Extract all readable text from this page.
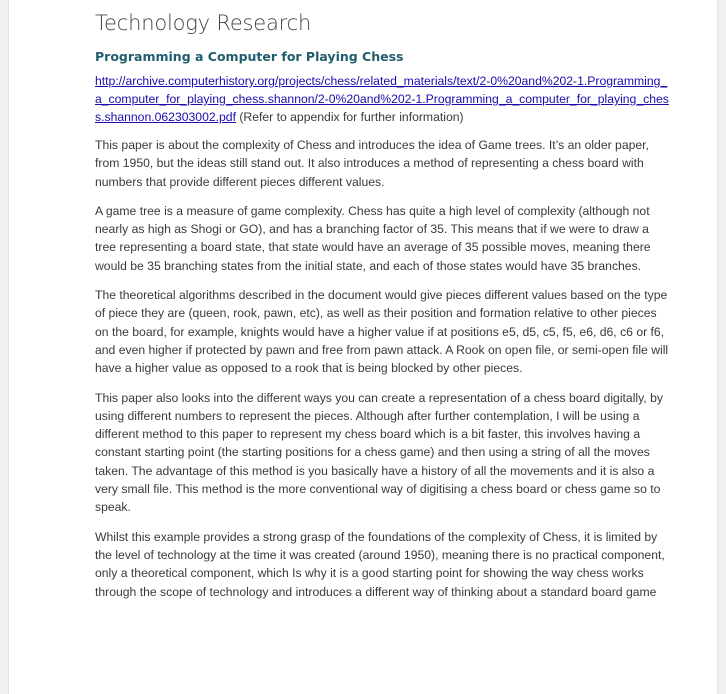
Technology Research
Programming a Computer for Playing Chess
http://archive.computerhistory.org/projects/chess/related_materials/text/2-0%20and%202-1.Programming_a_computer_for_playing_chess.shannon/2-0%20and%202-1.Programming_a_computer_for_playing_chess.shannon.062303002.pdf (Refer to appendix for further information)

This paper is about the complexity of Chess and introduces the idea of Game trees. It’s an older paper, from 1950, but the ideas still stand out. It also introduces a method of representing a chess board with numbers that provide different pieces different values.

A game tree is a measure of game complexity. Chess has quite a high level of complexity (although not nearly as high as Shogi or GO), and has a branching factor of 35. This means that if we were to draw a tree representing a board state, that state would have an average of 35 possible moves, meaning there would be 35 branching states from the initial state, and each of those states would have 35 branches.

The theoretical algorithms described in the document would give pieces different values based on the type of piece they are (queen, rook, pawn, etc), as well as their position and formation relative to other pieces on the board, for example, knights would have a higher value if at positions e5, d5, c5, f5, e6, d6, c6 or f6, and even higher if protected by pawn and free from pawn attack. A Rook on open file, or semi-open file will have a higher value as opposed to a rook that is being blocked by other pieces.

This paper also looks into the different ways you can create a representation of a chess board digitally, by using different numbers to represent the pieces. Although after further contemplation, I will be using a different method to this paper to represent my chess board which is a bit faster, this involves having a constant starting point (the starting positions for a chess game) and then using a string of all the moves taken. The advantage of this method is you basically have a history of all the movements and it is also a very small file. This method is the more conventional way of digitising a chess board or chess game so to speak.

Whilst this example provides a strong grasp of the foundations of the complexity of Chess, it is limited by the level of technology at the time it was created (around 1950), meaning there is no practical component, only a theoretical component, which Is why it is a good starting point for showing the way chess works through the scope of technology and introduces a different way of thinking about a standard board game
